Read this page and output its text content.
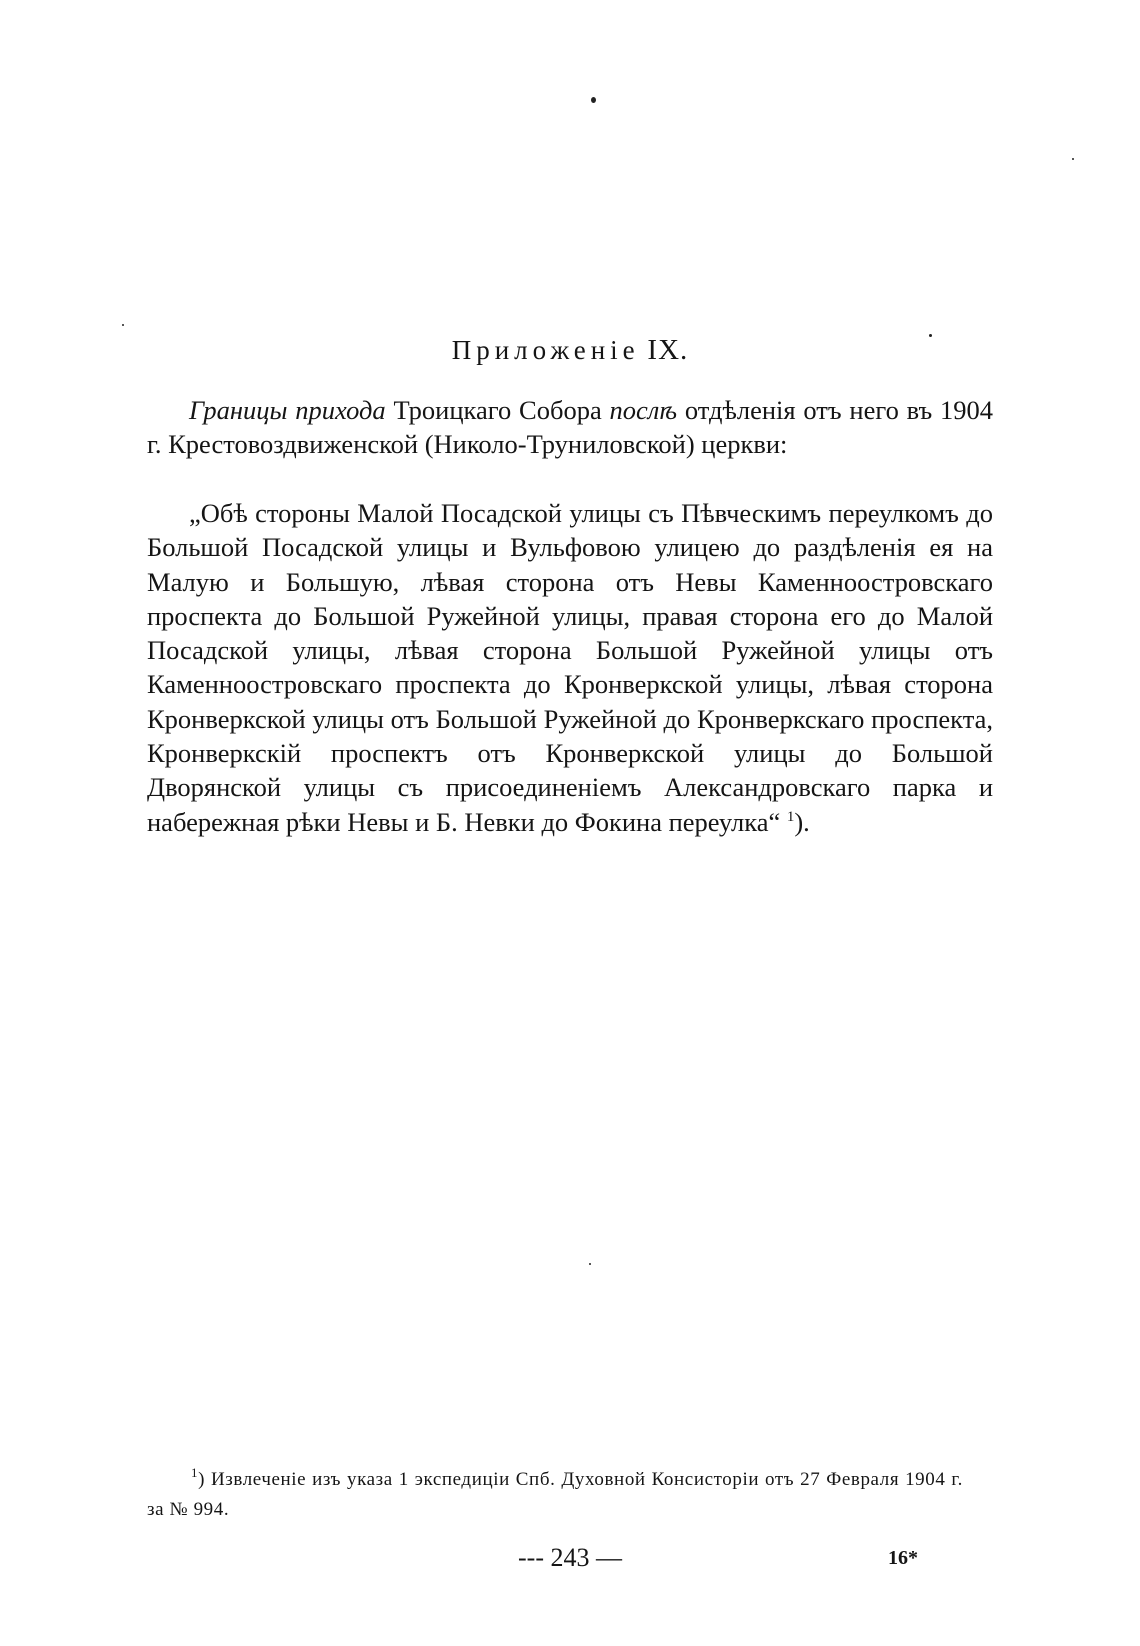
Приложенiе IX.

Границы прихода Троицкаго Собора послѣ отдѣленiя отъ него въ 1904 г. Крестовоздвиженской (Николо-Труниловской) церкви:

„Обѣ стороны Малой Посадской улицы съ Пѣвческимъ переулкомъ до Большой Посадской улицы и Вульфовою улицею до раздѣленiя ея на Малую и Большую, лѣвая сторона отъ Невы Каменноостровскаго проспекта до Большой Ружейной улицы, правая сторона его до Малой Посадской улицы, лѣвая сторона Большой Ружейной улицы отъ Каменноостровскаго проспекта до Кронверкской улицы, лѣвая сторона Кронверкской улицы отъ Большой Ружейной до Кронверкскаго проспекта, Кронверкскiй проспектъ отъ Кронверкской улицы до Большой Дворянской улицы съ присоединенiемъ Александровскаго парка и набережная рѣки Невы и Б. Невки до Фокина переулка“ $^1$).

$^1$) Извлеченiе изъ указа 1 экспедицiи Спб. Духовной Консисторiи отъ 27 Февраля 1904 г. за № 994.

--- 243 —	16*
